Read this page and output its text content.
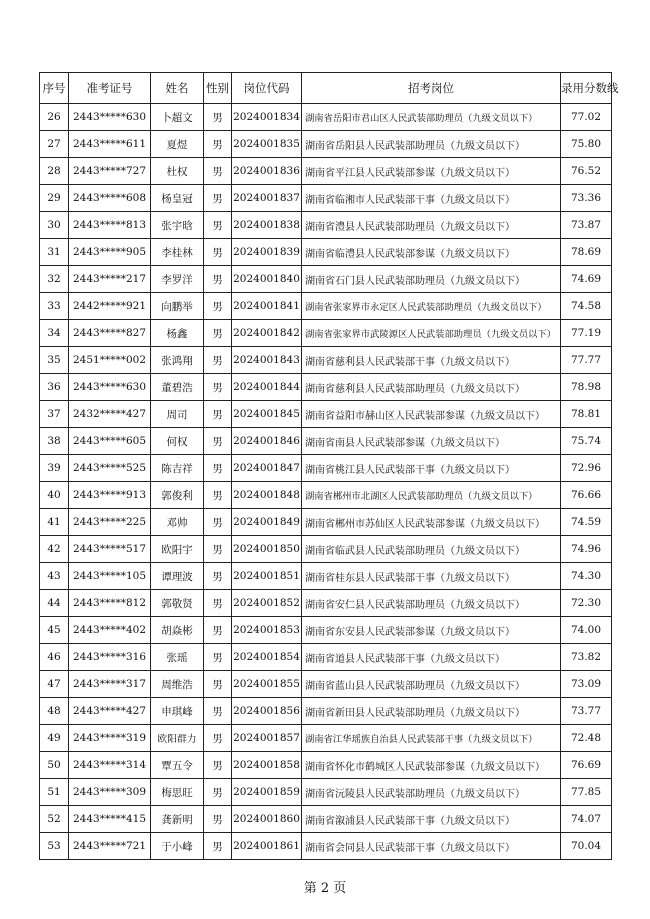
序号	准考证号	姓名	性别	岗位代码	招考岗位	录用分数线
26	2443*****630	卜超文	男	2024001834	湖南省岳阳市君山区人民武装部助理员（九级文员以下）	77.02
27	2443*****611	夏煜	男	2024001835	湖南省岳阳县人民武装部助理员（九级文员以下）	75.80
28	2443*****727	杜权	男	2024001836	湖南省平江县人民武装部参谋（九级文员以下）	76.52
29	2443*****608	杨皇冠	男	2024001837	湖南省临湘市人民武装部干事（九级文员以下）	73.36
30	2443*****813	张宇晗	男	2024001838	湖南省澧县人民武装部助理员（九级文员以下）	73.87
31	2443*****905	李桂林	男	2024001839	湖南省临澧县人民武装部参谋（九级文员以下）	78.69
32	2443*****217	李罗洋	男	2024001840	湖南省石门县人民武装部助理员（九级文员以下）	74.69
33	2442*****921	向鹏举	男	2024001841	湖南省张家界市永定区人民武装部助理员（九级文员以下）	74.58
34	2443*****827	杨鑫	男	2024001842	湖南省张家界市武陵源区人民武装部助理员（九级文员以下）	77.19
35	2451*****002	张鸿翔	男	2024001843	湖南省慈利县人民武装部干事（九级文员以下）	77.77
36	2443*****630	董碧浩	男	2024001844	湖南省慈利县人民武装部助理员（九级文员以下）	78.98
37	2432*****427	周司	男	2024001845	湖南省益阳市赫山区人民武装部参谋（九级文员以下）	78.81
38	2443*****605	何权	男	2024001846	湖南省南县人民武装部参谋（九级文员以下）	75.74
39	2443*****525	陈吉祥	男	2024001847	湖南省桃江县人民武装部干事（九级文员以下）	72.96
40	2443*****913	郭俊利	男	2024001848	湖南省郴州市北湖区人民武装部助理员（九级文员以下）	76.66
41	2443*****225	邓帅	男	2024001849	湖南省郴州市苏仙区人民武装部参谋（九级文员以下）	74.59
42	2443*****517	欧阳宇	男	2024001850	湖南省临武县人民武装部助理员（九级文员以下）	74.96
43	2443*****105	谭理波	男	2024001851	湖南省桂东县人民武装部干事（九级文员以下）	74.30
44	2443*****812	郭敬贤	男	2024001852	湖南省安仁县人民武装部助理员（九级文员以下）	72.30
45	2443*****402	胡焱彬	男	2024001853	湖南省东安县人民武装部参谋（九级文员以下）	74.00
46	2443*****316	张瑶	男	2024001854	湖南省道县人民武装部干事（九级文员以下）	73.82
47	2443*****317	周维浩	男	2024001855	湖南省蓝山县人民武装部助理员（九级文员以下）	73.09
48	2443*****427	申琪峰	男	2024001856	湖南省新田县人民武装部助理员（九级文员以下）	73.77
49	2443*****319	欧阳群力	男	2024001857	湖南省江华瑶族自治县人民武装部干事（九级文员以下）	72.48
50	2443*****314	覃五令	男	2024001858	湖南省怀化市鹤城区人民武装部参谋（九级文员以下）	76.69
51	2443*****309	梅思旺	男	2024001859	湖南省沅陵县人民武装部助理员（九级文员以下）	77.85
52	2443*****415	龚新明	男	2024001860	湖南省溆浦县人民武装部干事（九级文员以下）	74.07
53	2443*****721	于小峰	男	2024001861	湖南省会同县人民武装部干事（九级文员以下）	70.04
第 2 页
